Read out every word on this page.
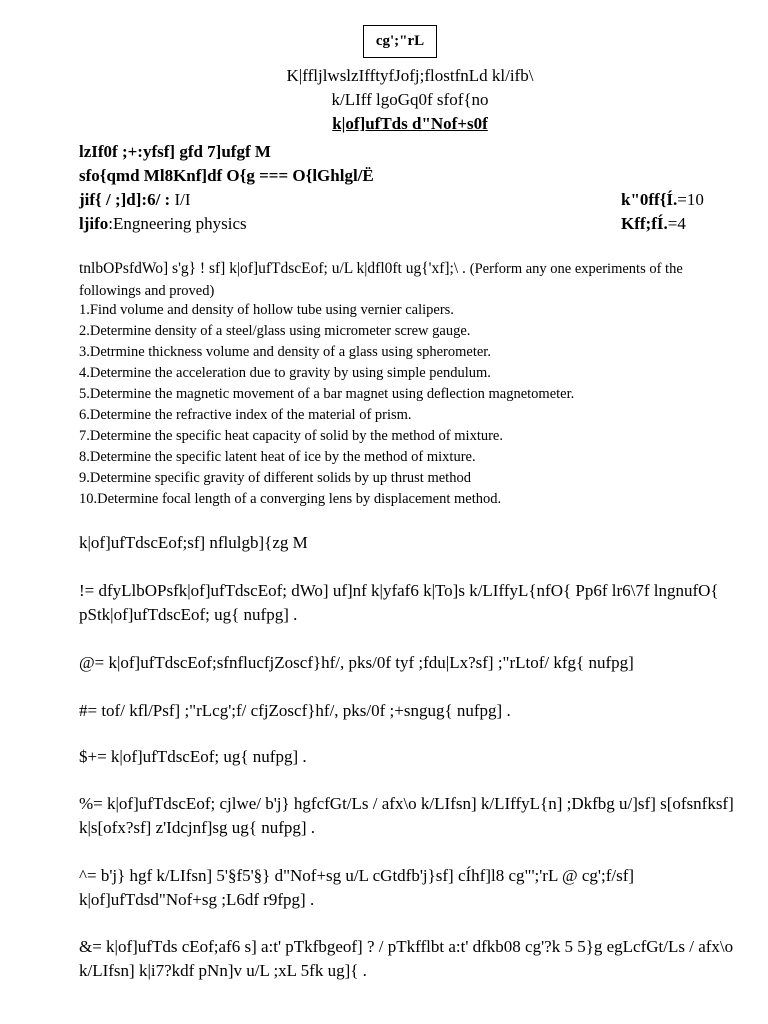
cg';"rL
K|ffljlwslzIfftyfJofj;flostfnLd kl/ifb\
k/LIff lgoGq0f sfof{no
k|of]ufTds d"Nof+s0f
lzIf0f ;+:yfsf] gfd 7]ufgf M
sfo{qmd Ml8Knf]df O{g === O{lGhlgl/Ë
jif{ / ;]d]:6/ : I/I	k"0ff{Í.=10
ljifo:Engneering physics	Kff;fÍ.=4
tnlbOPsfdWo] s'g} ! sf] k|of]ufTdscEof; u/L k|dfl0ft ug{'xf];\ . (Perform any one experiments of the followings and proved)
1.Find volume and density of hollow tube using vernier calipers.
2.Determine density of a steel/glass using micrometer screw gauge.
3.Detrmine thickness volume and density of a glass using spherometer.
4.Determine the acceleration due to gravity by using simple pendulum.
5.Determine the magnetic movement of a bar magnet using deflection magnetometer.
6.Determine the refractive index of the material of prism.
7.Determine the specific heat capacity of solid by the method of mixture.
8.Determine the specific latent heat of ice by the method of mixture.
9.Determine specific gravity of different solids by up thrust method
10.Determine focal length of a converging lens by displacement method.
k|of]ufTdscEof;sf] nflulgb]{zg M
!= dfyLlbOPsfk|of]ufTdscEof; dWo] uf]nf k|yfaf6 k|To]s k/LIffyL{nfO{ Pp6f lr6\7f lngnufO{ pStk|of]ufTdscEof; ug{ nufpg] .
@= k|of]ufTdscEof;sfnflucfjZoscf}hf/, pks/0f tyf ;fdu|Lx?sf] ;"rLtof/ kfg{ nufpg]
#= tof/ kfl/Psf] ;"rLcg';f/ cfjZoscf}hf/, pks/0f ;+sngug{ nufpg] .
$+= k|of]ufTdscEof; ug{ nufpg] .
%= k|of]ufTdscEof; cjlwe/ b'j} hgfcfGt/Ls / afx\o k/LIfsn] k/LIffyL{n] ;Dkfbg u/]sf] s[ofsnfksf] k|s[ofx?sf] z'Idcjnf]sg ug{ nufpg] .
^= b'j} hgf k/LIfsn] 5'§f5'§} d"Nof+sg u/L cGtdfb'j}sf] cÍhf]l8 cg"';'rL @ cg';f/sf] k|of]ufTdsd"Nof+sg ;L6df r9fpg] .
&= k|of]ufTds cEof;af6 s] a:t' pTkfbgeof] ? / pTkfflbt a:t' dfkb08 cg'?k 5 5}g egLcfGt/Ls / afx\o k/LIfsn] k|i7?kdf pNn]v u/L ;xL 5fk ug]{ .
